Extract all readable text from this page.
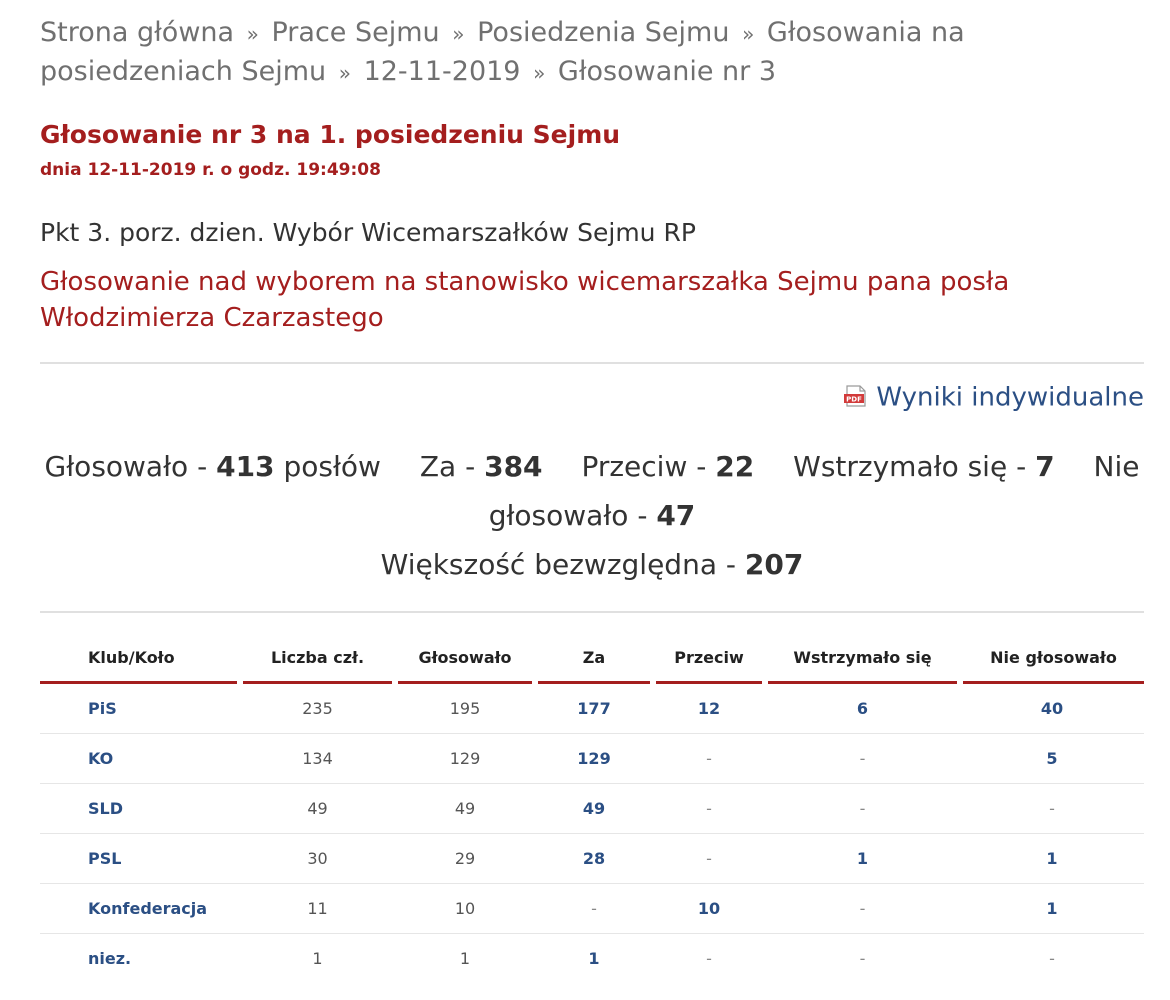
Strona główna » Prace Sejmu » Posiedzenia Sejmu » Głosowania na posiedzeniach Sejmu » 12-11-2019 » Głosowanie nr 3
Głosowanie nr 3 na 1. posiedzeniu Sejmu
dnia 12-11-2019 r. o godz. 19:49:08
Pkt 3. porz. dzien. Wybór Wicemarszałków Sejmu RP
Głosowanie nad wyborem na stanowisko wicemarszałka Sejmu pana posła Włodzimierza Czarzastego
PDF Wyniki indywidualne
Głosowało - 413 posłów Za - 384 Przeciw - 22 Wstrzymało się - 7 Nie głosowało - 47
Większość bezwzględna - 207
Klub/Koło	Liczba czł.	Głosowało	Za	Przeciw	Wstrzymało się	Nie głosowało
PiS	235	195	177	12	6	40
KO	134	129	129	-	-	5
SLD	49	49	49	-	-	-
PSL	30	29	28	-	1	1
Konfederacja	11	10	-	10	-	1
niez.	1	1	1	-	-	-
